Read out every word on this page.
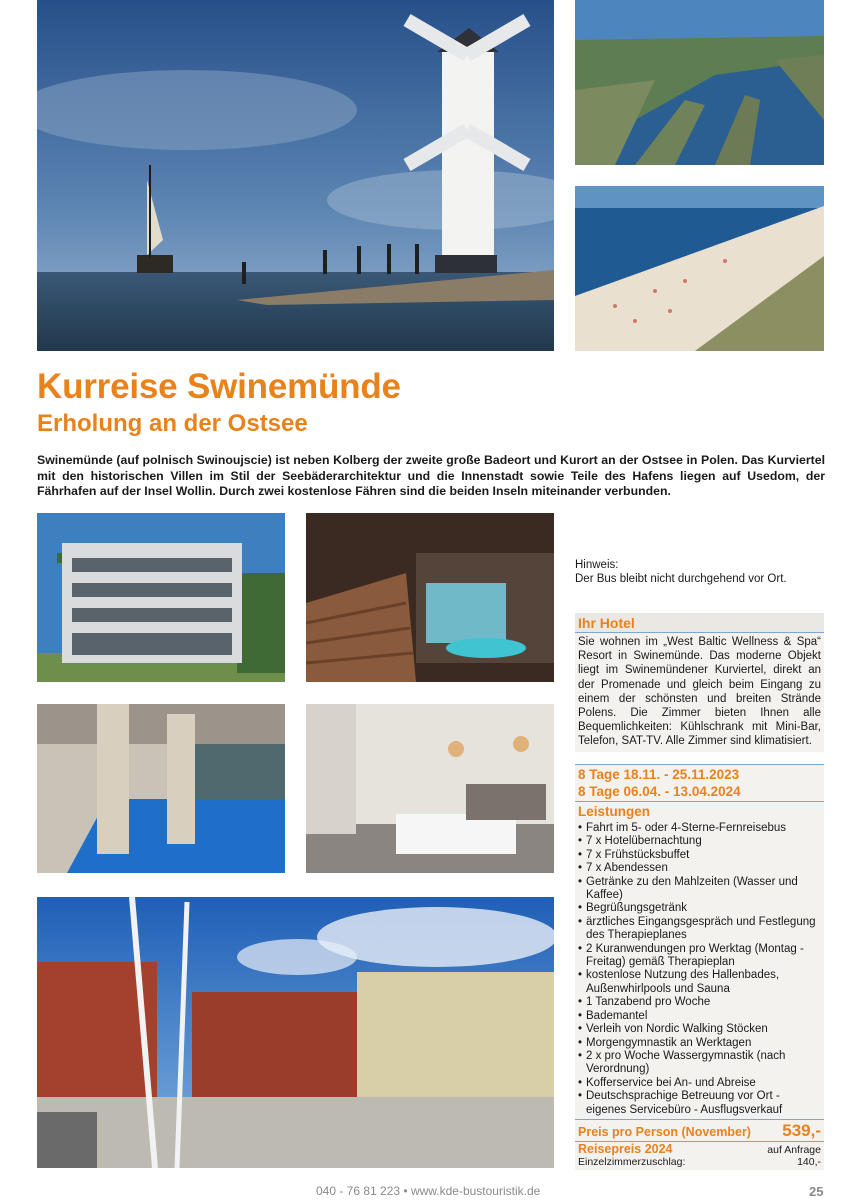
Kurreise Swinemünde
Erholung an der Ostsee

Swinemünde (auf polnisch Swinoujscie) ist neben Kolberg der zweite große Badeort und Kurort an der Ostsee in Polen. Das Kurviertel mit den historischen Villen im Stil der Seebäderarchitektur und die Innenstadt sowie Teile des Hafens liegen auf Usedom, der Fährhafen auf der Insel Wollin. Durch zwei kostenlose Fähren sind die beiden Inseln miteinander verbunden.

Hinweis:
Der Bus bleibt nicht durchgehend vor Ort.
Ihr Hotel
Sie wohnen im „West Baltic Wellness & Spa“ Resort in Swinemünde. Das moderne Objekt liegt im Swinemündener Kurviertel, direkt an der Promenade und gleich beim Eingang zu einem der schönsten und breiten Strände Polens. Die Zimmer bieten Ihnen alle Bequemlichkeiten: Kühlschrank mit Mini-Bar, Telefon, SAT-TV. Alle Zimmer sind klimatisiert.
8 Tage 18.11. - 25.11.2023
8 Tage 06.04. - 13.04.2024
Leistungen
• Fahrt im 5- oder 4-Sterne-Fernreisebus
• 7 x Hotelübernachtung
• 7 x Frühstücksbuffet
• 7 x Abendessen
• Getränke zu den Mahlzeiten (Wasser und Kaffee)
• Begrüßungsgetränk
• ärztliches Eingangsgespräch und Festlegung des Therapieplanes
• 2 Kuranwendungen pro Werktag (Montag - Freitag) gemäß Therapieplan
• kostenlose Nutzung des Hallenbades, Außenwhirlpools und Sauna
• 1 Tanzabend pro Woche
• Bademantel
• Verleih von Nordic Walking Stöcken
• Morgengymnastik an Werktagen
• 2 x pro Woche Wassergymnastik (nach Verordnung)
• Kofferservice bei An- und Abreise
• Deutschsprachige Betreuung vor Ort - eigenes Servicebüro - Ausflugsverkauf
Preis pro Person (November) 539,-
Reisepreis 2024	auf Anfrage
Einzelzimmerzuschlag:	140,-
040 - 76 81 223 • www.kde-bustouristik.de	25
